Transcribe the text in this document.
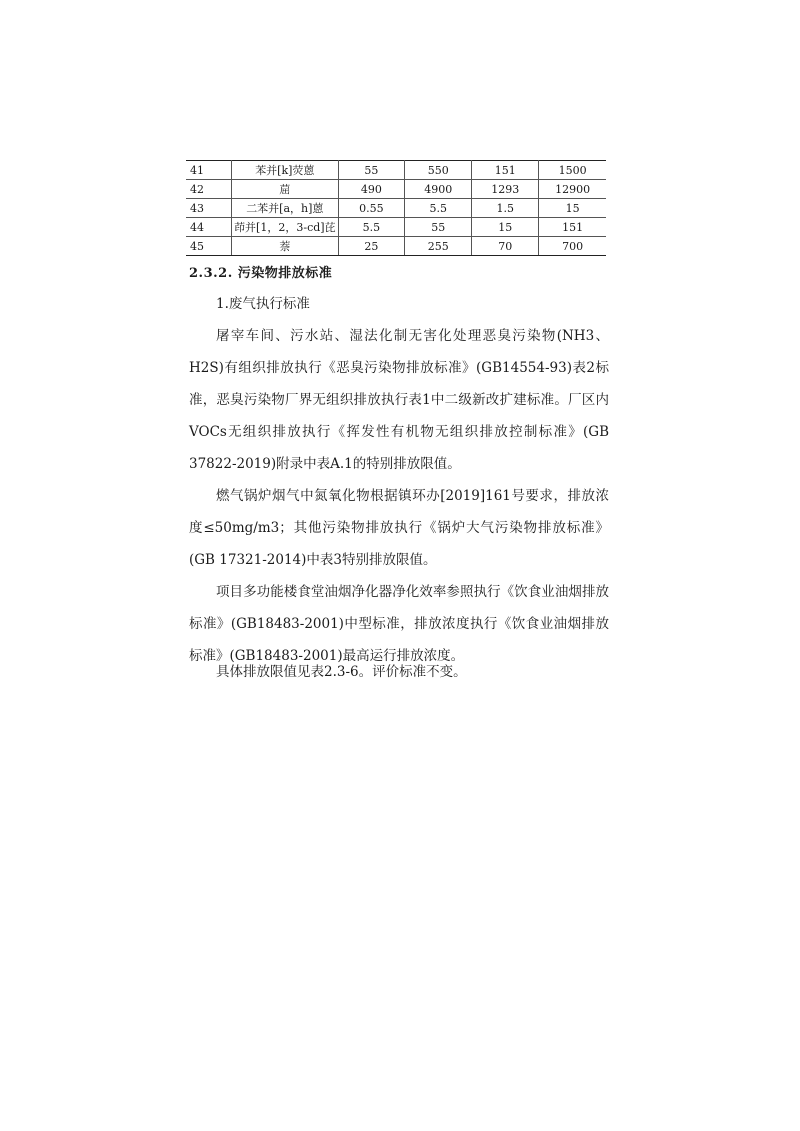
41	苯并[k]荧蒽	55	550	151	1500
42	䓛	490	4900	1293	12900
43	二苯并[a，h]蒽	0.55	5.5	1.5	15
44	茚并[1，2，3-cd]芘	5.5	55	15	151
45	萘	25	255	70	700
2.3.2. 污染物排放标准

1.废气执行标准

屠宰车间、污水站、湿法化制无害化处理恶臭污染物(NH3、H2S)有组织排放执行《恶臭污染物排放标准》(GB14554-93)表2标准，恶臭污染物厂界无组织排放执行表1中二级新改扩建标准。厂区内VOCs无组织排放执行《挥发性有机物无组织排放控制标准》(GB 37822-2019)附录中表A.1的特别排放限值。

燃气锅炉烟气中氮氧化物根据镇环办[2019]161号要求，排放浓度≤50mg/m3；其他污染物排放执行《锅炉大气污染物排放标准》(GB 17321-2014)中表3特别排放限值。

项目多功能楼食堂油烟净化器净化效率参照执行《饮食业油烟排放标准》(GB18483-2001)中型标准，排放浓度执行《饮食业油烟排放标准》(GB18483-2001)最高运行排放浓度。

具体排放限值见表2.3-6。评价标准不变。
